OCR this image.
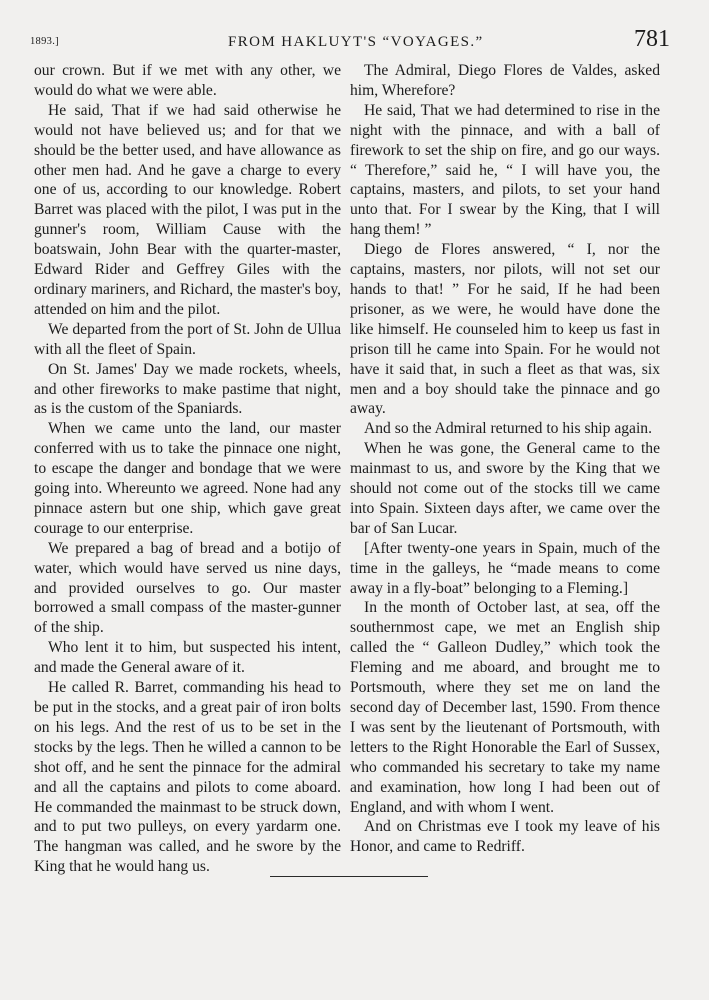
1893.]	FROM HAKLUYT'S “VOYAGES.”	781

our crown. But if we met with any other, we would do what we were able.

He said, That if we had said otherwise he would not have believed us; and for that we should be the better used, and have allowance as other men had. And he gave a charge to every one of us, according to our knowledge. Robert Barret was placed with the pilot, I was put in the gunner's room, William Cause with the boatswain, John Bear with the quarter-master, Edward Rider and Geffrey Giles with the ordinary mariners, and Richard, the master's boy, attended on him and the pilot.

We departed from the port of St. John de Ullua with all the fleet of Spain.

On St. James' Day we made rockets, wheels, and other fireworks to make pastime that night, as is the custom of the Spaniards.

When we came unto the land, our master conferred with us to take the pinnace one night, to escape the danger and bondage that we were going into. Whereunto we agreed. None had any pinnace astern but one ship, which gave great courage to our enterprise.

We prepared a bag of bread and a botijo of water, which would have served us nine days, and provided ourselves to go. Our master borrowed a small compass of the master-gunner of the ship.

Who lent it to him, but suspected his intent, and made the General aware of it.

He called R. Barret, commanding his head to be put in the stocks, and a great pair of iron bolts on his legs. And the rest of us to be set in the stocks by the legs. Then he willed a cannon to be shot off, and he sent the pinnace for the admiral and all the captains and pilots to come aboard. He commanded the mainmast to be struck down, and to put two pulleys, on every yardarm one. The hangman was called, and he swore by the King that he would hang us.

The Admiral, Diego Flores de Valdes, asked him, Wherefore?

He said, That we had determined to rise in the night with the pinnace, and with a ball of firework to set the ship on fire, and go our ways. “ Therefore,” said he, “ I will have you, the captains, masters, and pilots, to set your hand unto that. For I swear by the King, that I will hang them! ”

Diego de Flores answered, “ I, nor the captains, masters, nor pilots, will not set our hands to that! ” For he said, If he had been prisoner, as we were, he would have done the like himself. He counseled him to keep us fast in prison till he came into Spain. For he would not have it said that, in such a fleet as that was, six men and a boy should take the pinnace and go away.

And so the Admiral returned to his ship again.

When he was gone, the General came to the mainmast to us, and swore by the King that we should not come out of the stocks till we came into Spain. Sixteen days after, we came over the bar of San Lucar.

[After twenty-one years in Spain, much of the time in the galleys, he “made means to come away in a fly-boat” belonging to a Fleming.]

In the month of October last, at sea, off the southernmost cape, we met an English ship called the “ Galleon Dudley,” which took the Fleming and me aboard, and brought me to Portsmouth, where they set me on land the second day of December last, 1590. From thence I was sent by the lieutenant of Portsmouth, with letters to the Right Honorable the Earl of Sussex, who commanded his secretary to take my name and examination, how long I had been out of England, and with whom I went.

And on Christmas eve I took my leave of his Honor, and came to Redriff.
